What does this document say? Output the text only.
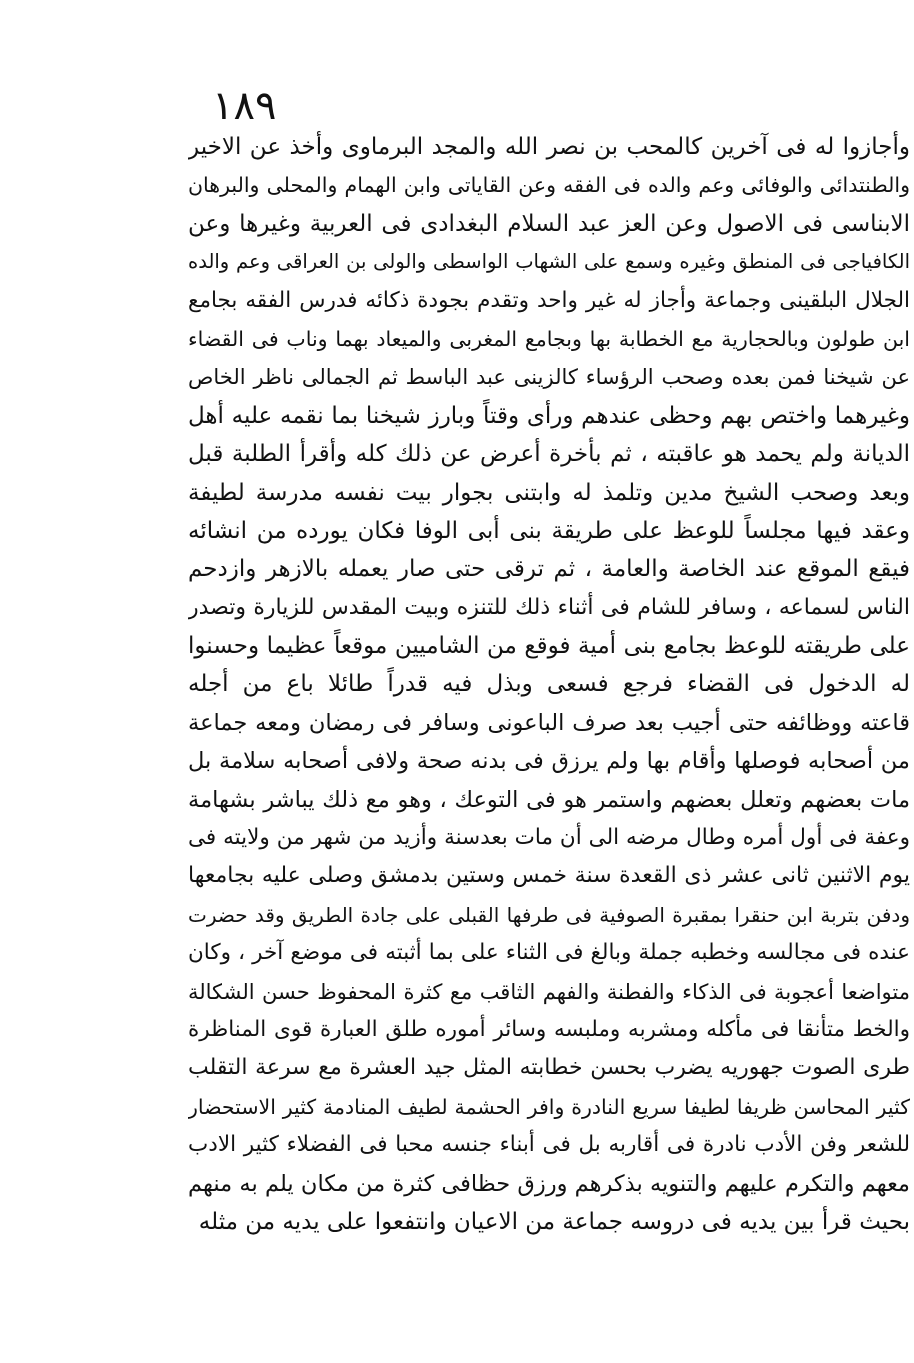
١٨٩
وأجازوا له فى آخرين كالمحب بن نصر الله والمجد البرماوى وأخذ عن الاخير
والطنتدائى والوفائى وعم والده فى الفقه وعن القاياتى وابن الهمام والمحلى والبرهان
الابناسى فى الاصول وعن العز عبد السلام البغدادى فى العربية وغيرها وعن
الكافياجى فى المنطق وغيره وسمع على الشهاب الواسطى والولى بن العراقى وعم والده
الجلال البلقينى وجماعة وأجاز له غير واحد وتقدم بجودة ذكائه فدرس الفقه بجامع
ابن طولون وبالحجارية مع الخطابة بها وبجامع المغربى والميعاد بهما وناب فى القضاء
عن شيخنا فمن بعده وصحب الرؤساء كالزينى عبد الباسط ثم الجمالى ناظر الخاص
وغيرهما واختص بهم وحظى عندهم ورأى وقتاً وبارز شيخنا بما نقمه عليه أهل
الديانة ولم يحمد هو عاقبته ، ثم بأخرة أعرض عن ذلك كله وأقرأ الطلبة قبل
وبعد وصحب الشيخ مدين وتلمذ له وابتنى بجوار بيت نفسه مدرسة لطيفة
وعقد فيها مجلساً للوعظ على طريقة بنى أبى الوفا فكان يورده من انشائه
فيقع الموقع عند الخاصة والعامة ، ثم ترقى حتى صار يعمله بالازهر وازدحم
الناس لسماعه ، وسافر للشام فى أثناء ذلك للتنزه وبيت المقدس للزيارة وتصدر
على طريقته للوعظ بجامع بنى أمية فوقع من الشاميين موقعاً عظيما وحسنوا
له الدخول فى القضاء فرجع فسعى وبذل فيه قدراً طائلا باع من أجله
قاعته ووظائفه حتى أجيب بعد صرف الباعونى وسافر فى رمضان ومعه جماعة
من أصحابه فوصلها وأقام بها ولم يرزق فى بدنه صحة ولافى أصحابه سلامة بل
مات بعضهم وتعلل بعضهم واستمر هو فى التوعك ، وهو مع ذلك يباشر بشهامة
وعفة فى أول أمره وطال مرضه الى أن مات بعدسنة وأزيد من شهر من ولايته فى
يوم الاثنين ثانى عشر ذى القعدة سنة خمس وستين بدمشق وصلى عليه بجامعها
ودفن بتربة ابن حنقرا بمقبرة الصوفية فى طرفها القبلى على جادة الطريق وقد حضرت
عنده فى مجالسه وخطبه جملة وبالغ فى الثناء على بما أثبته فى موضع آخر ، وكان
متواضعا أعجوبة فى الذكاء والفطنة والفهم الثاقب مع كثرة المحفوظ حسن الشكالة
والخط متأنقا فى مأكله ومشربه وملبسه وسائر أموره طلق العبارة قوى المناظرة
طرى الصوت جهوريه يضرب بحسن خطابته المثل جيد العشرة مع سرعة التقلب
كثير المحاسن ظريفا لطيفا سريع النادرة وافر الحشمة لطيف المنادمة كثير الاستحضار
للشعر وفن الأدب نادرة فى أقاربه بل فى أبناء جنسه محبا فى الفضلاء كثير الادب
معهم والتكرم عليهم والتنويه بذكرهم ورزق حظافى كثرة من مكان يلم به منهم
بحيث قرأ بين يديه فى دروسه جماعة من الاعيان وانتفعوا على يديه من مثله
